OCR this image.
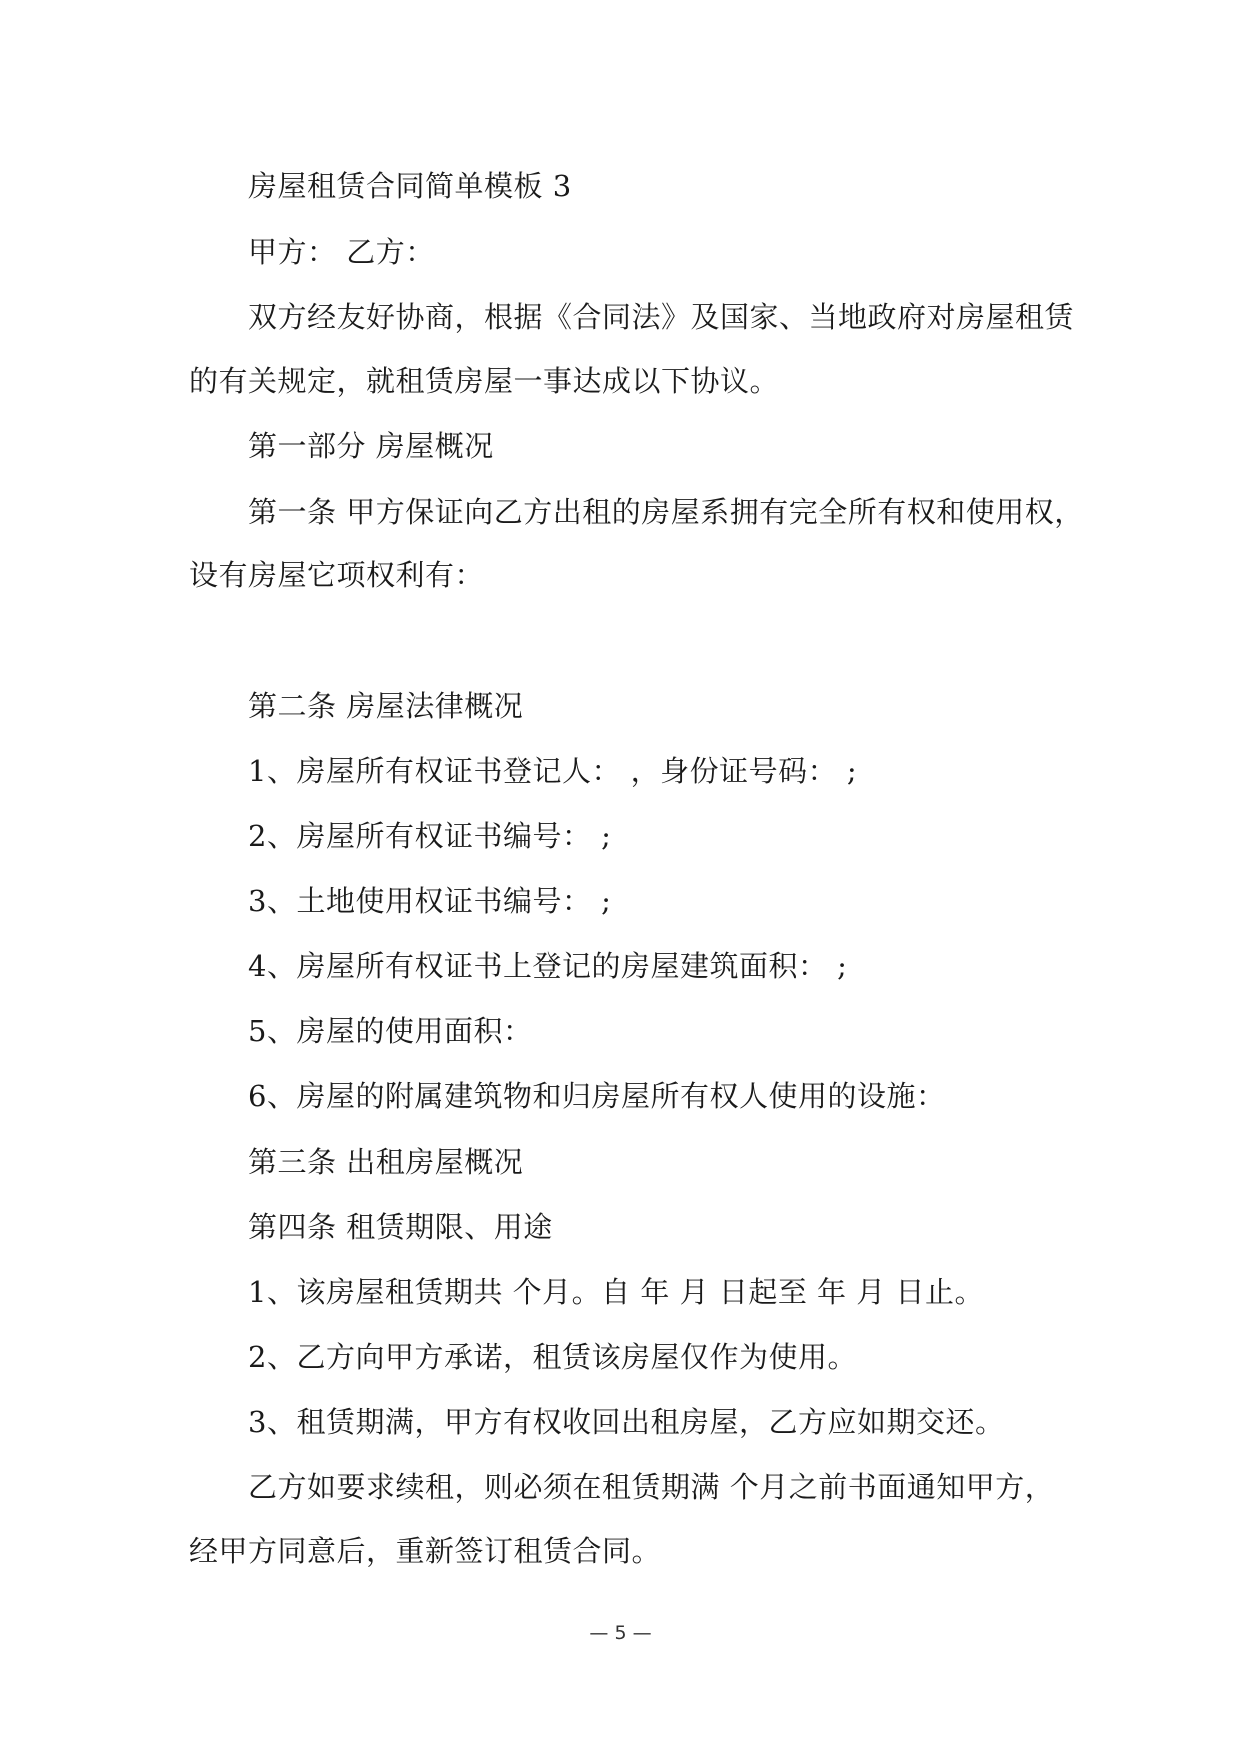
房屋租赁合同简单模板 3
甲方： 乙方：
双方经友好协商，根据《合同法》及国家、当地政府对房屋租赁
的有关规定，就租赁房屋一事达成以下协议。
第一部分 房屋概况
第一条 甲方保证向乙方出租的房屋系拥有完全所有权和使用权，
设有房屋它项权利有：
第二条 房屋法律概况
1、房屋所有权证书登记人： ，身份证号码： ;
2、房屋所有权证书编号： ;
3、土地使用权证书编号： ;
4、房屋所有权证书上登记的房屋建筑面积： ;
5、房屋的使用面积：
6、房屋的附属建筑物和归房屋所有权人使用的设施：
第三条 出租房屋概况
第四条 租赁期限、用途
1、该房屋租赁期共 个月。自 年 月 日起至 年 月 日止。
2、乙方向甲方承诺，租赁该房屋仅作为使用。
3、租赁期满，甲方有权收回出租房屋，乙方应如期交还。
乙方如要求续租，则必须在租赁期满 个月之前书面通知甲方，
经甲方同意后，重新签订租赁合同。
— 5 —
